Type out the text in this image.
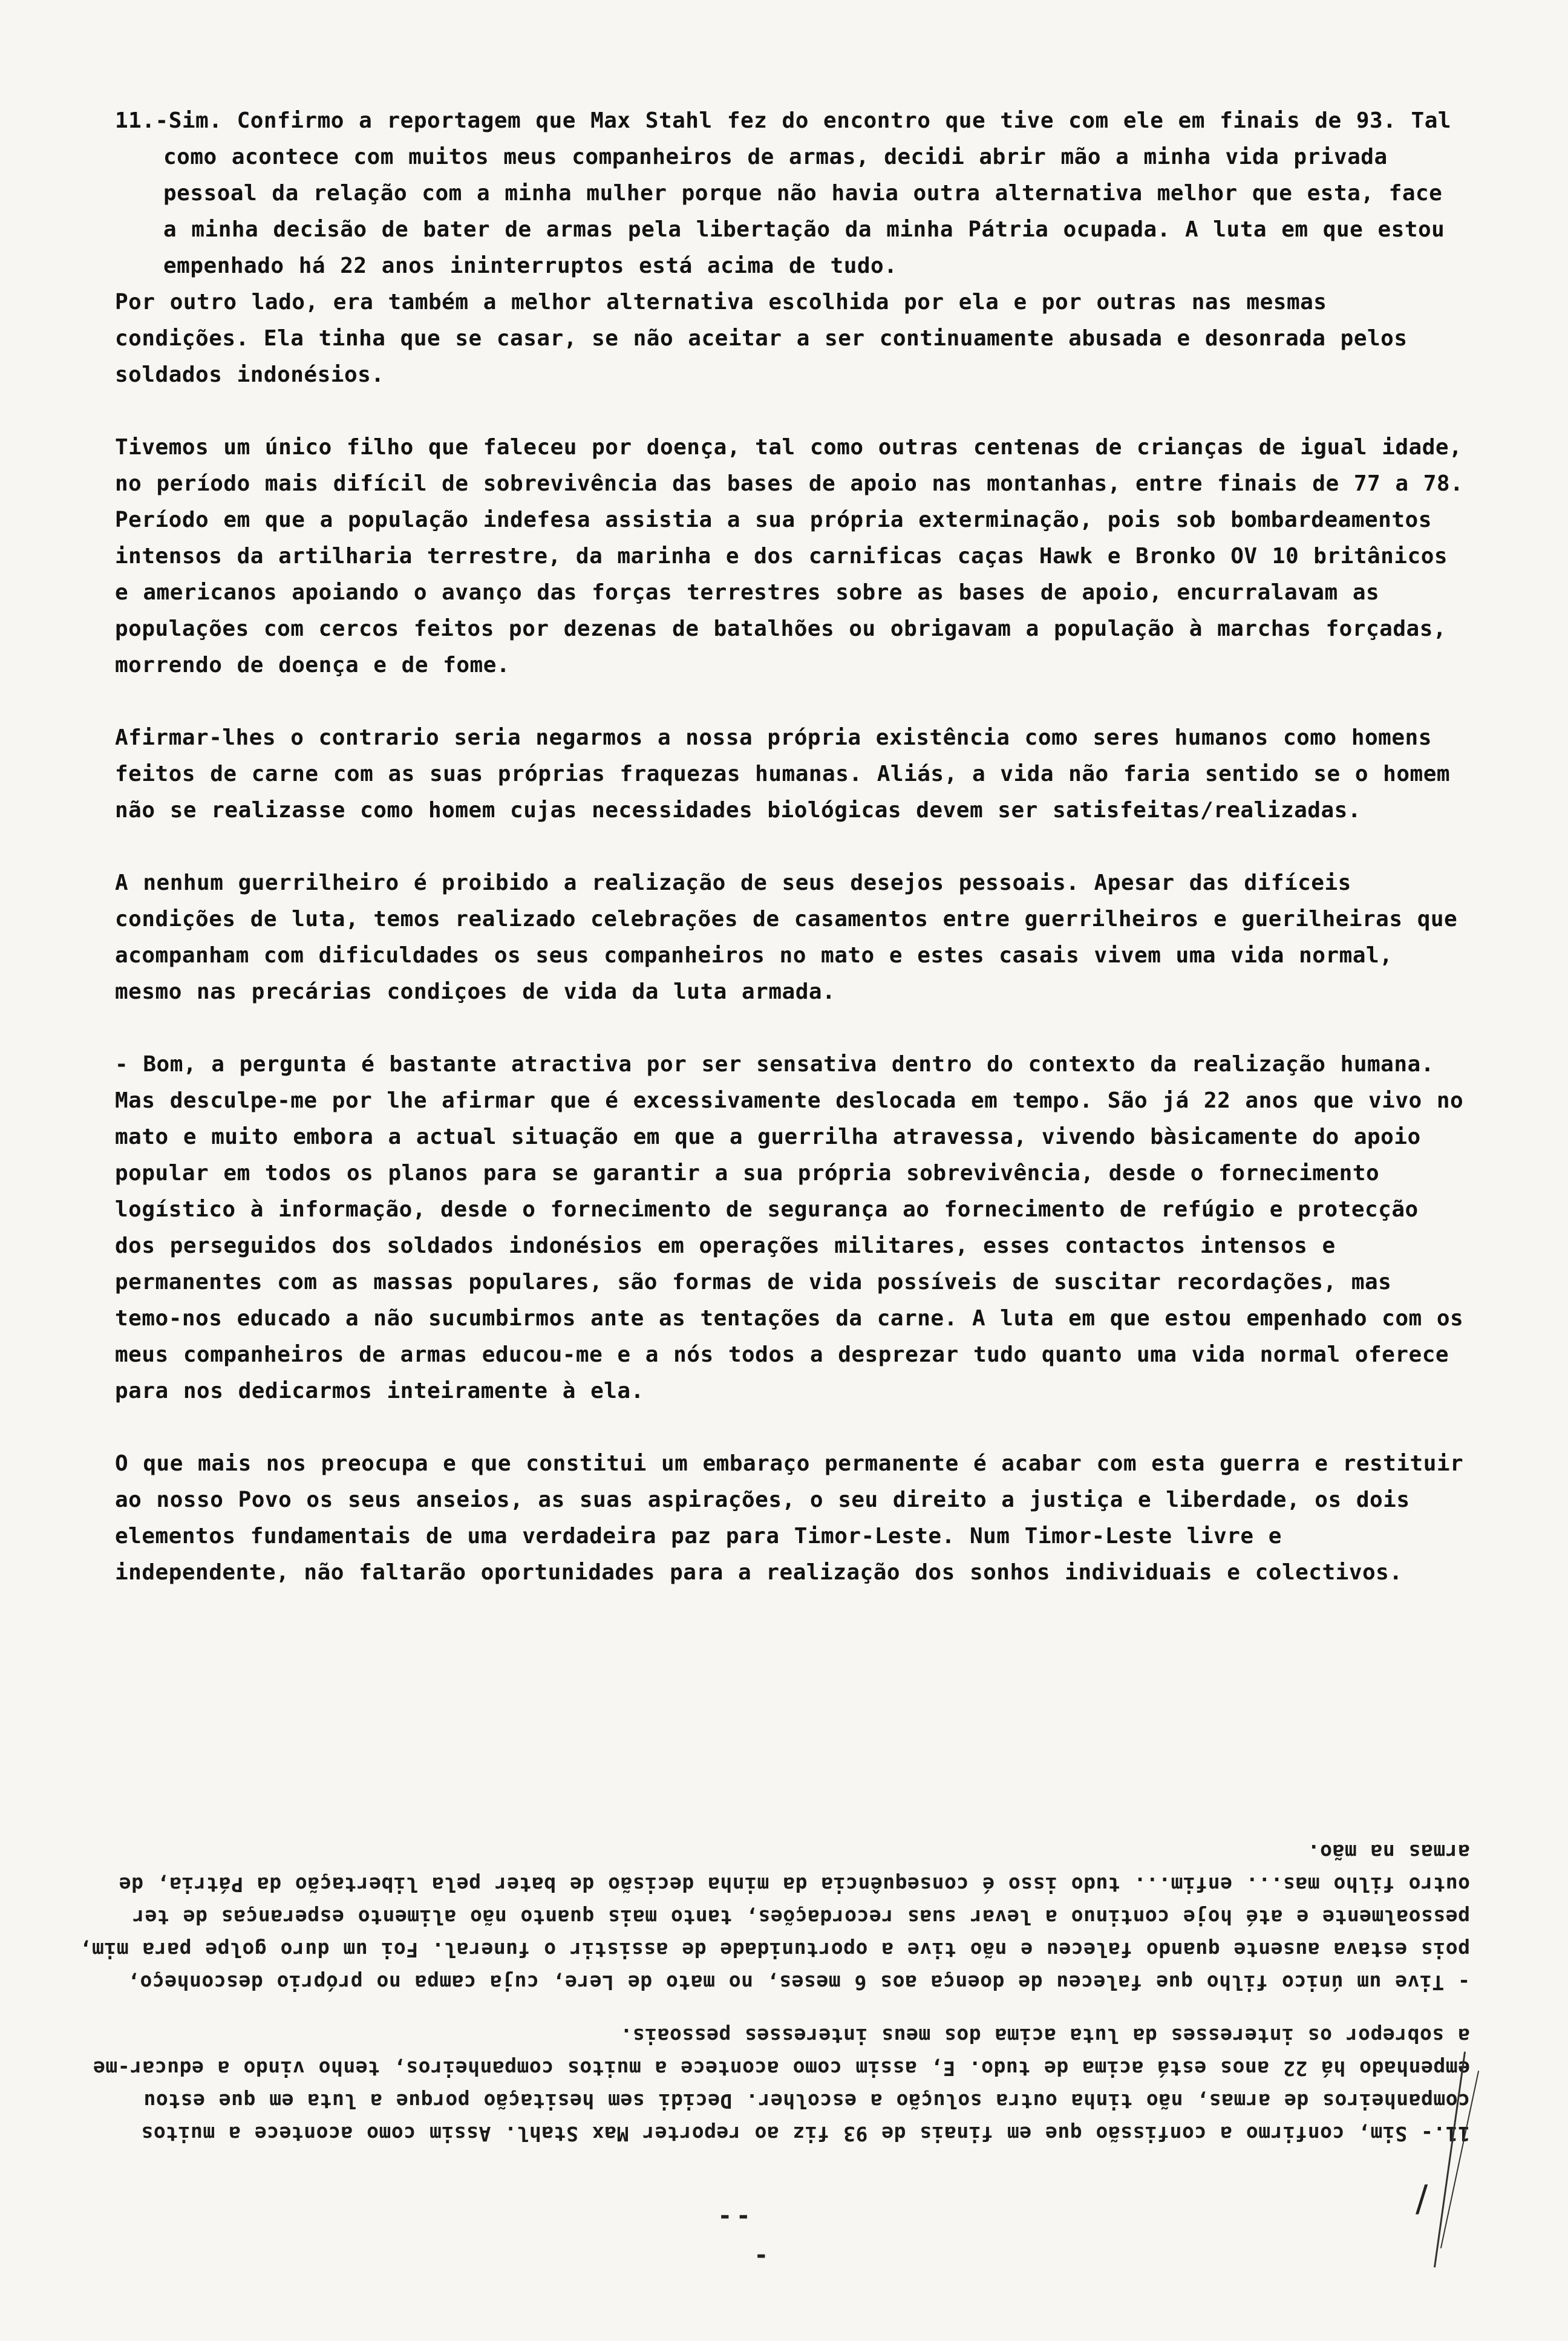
11.-Sim. Confirmo a reportagem que Max Stahl fez do encontro que tive com ele em finais de 93. Tal como acontece com muitos meus companheiros de armas, decidi abrir mão a minha vida privada pessoal da relação com a minha mulher porque não havia outra alternativa melhor que esta, face a minha decisão de bater de armas pela libertação da minha Pátria ocupada. A luta em que estou empenhado há 22 anos ininterruptos está acima de tudo.

Por outro lado, era também a melhor alternativa escolhida por ela e por outras nas mesmas condições. Ela tinha que se casar, se não aceitar a ser continuamente abusada e desonrada pelos soldados indonésios.

Tivemos um único filho que faleceu por doença, tal como outras centenas de crianças de igual idade, no período mais difícil de sobrevivência das bases de apoio nas montanhas, entre finais de 77 a 78. Período em que a população indefesa assistia a sua própria exterminação, pois sob bombardeamentos intensos da artilharia terrestre, da marinha e dos carnificas caças Hawk e Bronko OV 10 britânicos e americanos apoiando o avanço das forças terrestres sobre as bases de apoio, encurralavam as populações com cercos feitos por dezenas de batalhões ou obrigavam a população à marchas forçadas, morrendo de doença e de fome.

Afirmar-lhes o contrario seria negarmos a nossa própria existência como seres humanos como homens feitos de carne com as suas próprias fraquezas humanas. Aliás, a vida não faria sentido se o homem não se realizasse como homem cujas necessidades biológicas devem ser satisfeitas/realizadas.

A nenhum guerrilheiro é proibido a realização de seus desejos pessoais. Apesar das difíceis condições de luta, temos realizado celebrações de casamentos entre guerrilheiros e guerilheiras que acompanham com dificuldades os seus companheiros no mato e estes casais vivem uma vida normal, mesmo nas precárias condiçoes de vida da luta armada.

- Bom, a pergunta é bastante atractiva por ser sensativa dentro do contexto da realização humana. Mas desculpe-me por lhe afirmar que é excessivamente deslocada em tempo. São já 22 anos que vivo no mato e muito embora a actual situação em que a guerrilha atravessa, vivendo bàsicamente do apoio popular em todos os planos para se garantir a sua própria sobrevivência, desde o fornecimento logístico à informação, desde o fornecimento de segurança ao fornecimento de refúgio e protecção dos perseguidos dos soldados indonésios em operações militares, esses contactos intensos e permanentes com as massas populares, são formas de vida possíveis de suscitar recordações, mas temo-nos educado a não sucumbirmos ante as tentações da carne. A luta em que estou empenhado com os meus companheiros de armas educou-me e a nós todos a desprezar tudo quanto uma vida normal oferece para nos dedicarmos inteiramente à ela.

O que mais nos preocupa e que constitui um embaraço permanente é acabar com esta guerra e restituir ao nosso Povo os seus anseios, as suas aspirações, o seu direito a justiça e liberdade, os dois elementos fundamentais de uma verdadeira paz para Timor-Leste. Num Timor-Leste livre e independente, não faltarão oportunidades para a realização dos sonhos individuais e colectivos.

11.- Sim, confirmo a confissão que em finais de 93 fiz ao reporter Max Stahl. Assim como acontece a muitos companheiros de armas, não tinha outra solução a escolher. Decidi sem hesitação porque a luta em que estou empenhado há 22 anos está acima de tudo. E, assim como acontece a muitos companheiros, tenho vindo a educar-me a sobrepor os interesses da luta acima dos meus interesses pessoais.

- Tive um único filho que faleceu de doença aos 6 meses, no mato de Lere, cuja campa no próprio desconheço, pois estava ausente quando faleceu e não tive a oportunidade de assistir o funeral. Foi um duro golpe para mim, pessoalmente e até hoje continuo a levar suas recordações, tanto mais quanto não alimento esperanças de ter outro filho mas... enfim... tudo isso é consequência da minha decisão de bater pela libertação da Pátria, de armas na mão.

/
- -
-
